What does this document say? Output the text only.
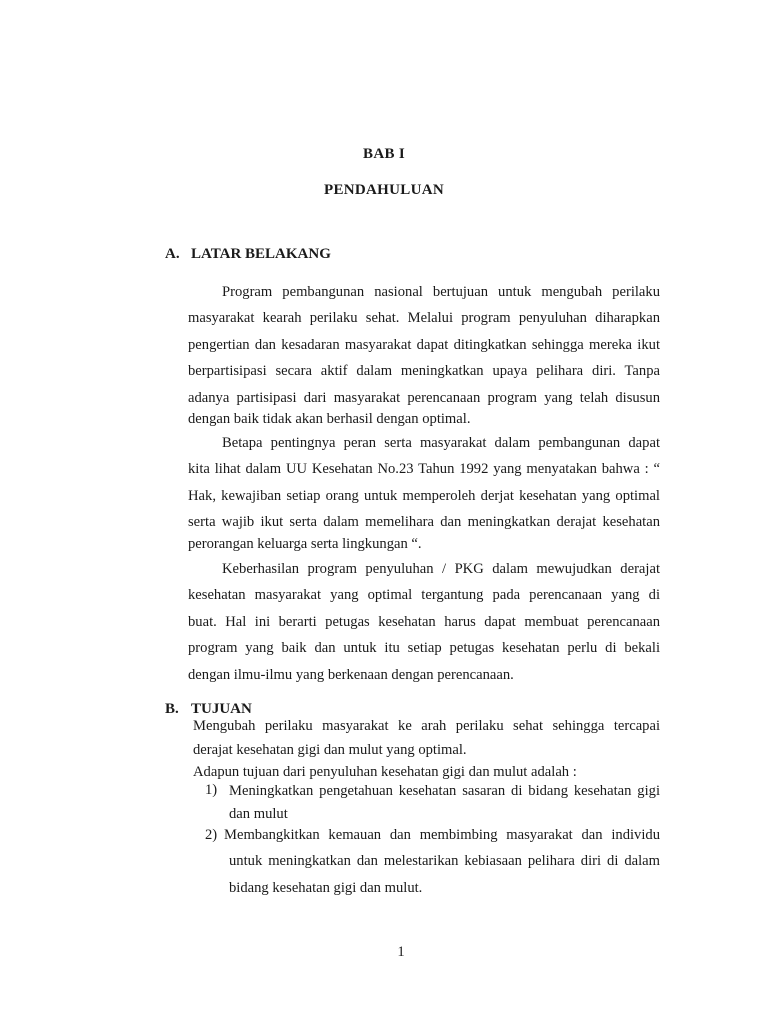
BAB I
PENDAHULUAN
A. LATAR BELAKANG
Program pembangunan nasional bertujuan untuk mengubah perilaku
masyarakat kearah perilaku sehat. Melalui program penyuluhan diharapkan
pengertian dan kesadaran masyarakat dapat ditingkatkan sehingga mereka ikut
berpartisipasi secara aktif dalam meningkatkan upaya pelihara diri. Tanpa
adanya partisipasi dari masyarakat perencanaan program yang telah disusun
dengan baik tidak akan berhasil dengan optimal.
Betapa pentingnya peran serta masyarakat dalam pembangunan dapat
kita lihat dalam UU Kesehatan No.23 Tahun 1992 yang menyatakan bahwa : “
Hak, kewajiban setiap orang untuk memperoleh derjat kesehatan yang optimal
serta wajib ikut serta dalam memelihara dan meningkatkan derajat kesehatan
perorangan keluarga serta lingkungan “.
Keberhasilan program penyuluhan / PKG dalam mewujudkan derajat
kesehatan masyarakat yang optimal tergantung pada perencanaan yang di
buat. Hal ini berarti petugas kesehatan harus dapat membuat perencanaan
program yang baik dan untuk itu setiap petugas kesehatan perlu di bekali
dengan ilmu-ilmu yang berkenaan dengan perencanaan.
B. TUJUAN
Mengubah perilaku masyarakat ke arah perilaku sehat sehingga tercapai
derajat kesehatan gigi dan mulut yang optimal.
Adapun tujuan dari penyuluhan kesehatan gigi dan mulut adalah :
1) Meningkatkan pengetahuan kesehatan sasaran di bidang kesehatan gigi
dan mulut
2) Membangkitkan kemauan dan membimbing masyarakat dan individu
untuk meningkatkan dan melestarikan kebiasaan pelihara diri di dalam
bidang kesehatan gigi dan mulut.
1
